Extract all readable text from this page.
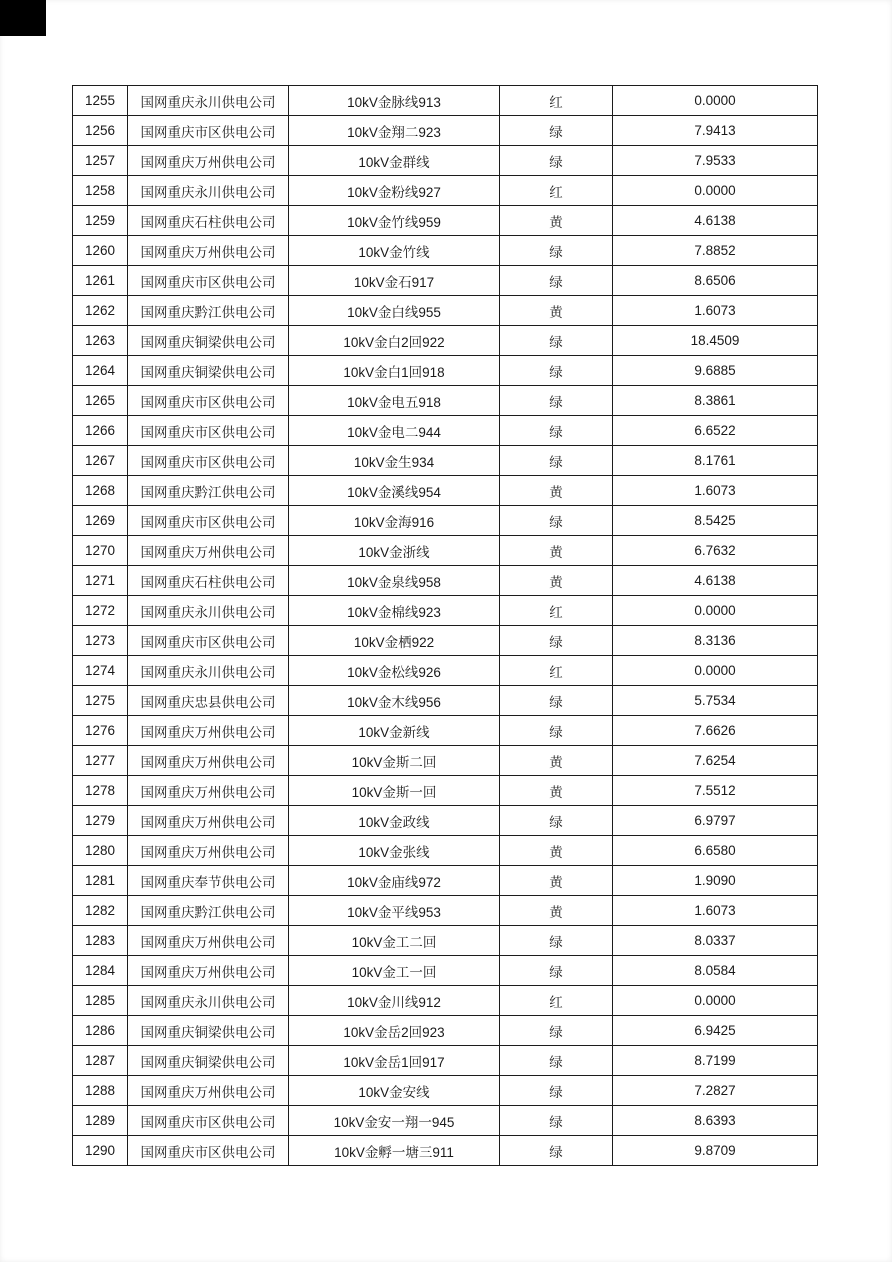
1255	国网重庆永川供电公司	10kV金脉线913	红	0.0000
1256	国网重庆市区供电公司	10kV金翔二923	绿	7.9413
1257	国网重庆万州供电公司	10kV金群线	绿	7.9533
1258	国网重庆永川供电公司	10kV金粉线927	红	0.0000
1259	国网重庆石柱供电公司	10kV金竹线959	黄	4.6138
1260	国网重庆万州供电公司	10kV金竹线	绿	7.8852
1261	国网重庆市区供电公司	10kV金石917	绿	8.6506
1262	国网重庆黔江供电公司	10kV金白线955	黄	1.6073
1263	国网重庆铜梁供电公司	10kV金白2回922	绿	18.4509
1264	国网重庆铜梁供电公司	10kV金白1回918	绿	9.6885
1265	国网重庆市区供电公司	10kV金电五918	绿	8.3861
1266	国网重庆市区供电公司	10kV金电二944	绿	6.6522
1267	国网重庆市区供电公司	10kV金生934	绿	8.1761
1268	国网重庆黔江供电公司	10kV金溪线954	黄	1.6073
1269	国网重庆市区供电公司	10kV金海916	绿	8.5425
1270	国网重庆万州供电公司	10kV金浙线	黄	6.7632
1271	国网重庆石柱供电公司	10kV金泉线958	黄	4.6138
1272	国网重庆永川供电公司	10kV金棉线923	红	0.0000
1273	国网重庆市区供电公司	10kV金栖922	绿	8.3136
1274	国网重庆永川供电公司	10kV金松线926	红	0.0000
1275	国网重庆忠县供电公司	10kV金木线956	绿	5.7534
1276	国网重庆万州供电公司	10kV金新线	绿	7.6626
1277	国网重庆万州供电公司	10kV金斯二回	黄	7.6254
1278	国网重庆万州供电公司	10kV金斯一回	黄	7.5512
1279	国网重庆万州供电公司	10kV金政线	绿	6.9797
1280	国网重庆万州供电公司	10kV金张线	黄	6.6580
1281	国网重庆奉节供电公司	10kV金庙线972	黄	1.9090
1282	国网重庆黔江供电公司	10kV金平线953	黄	1.6073
1283	国网重庆万州供电公司	10kV金工二回	绿	8.0337
1284	国网重庆万州供电公司	10kV金工一回	绿	8.0584
1285	国网重庆永川供电公司	10kV金川线912	红	0.0000
1286	国网重庆铜梁供电公司	10kV金岳2回923	绿	6.9425
1287	国网重庆铜梁供电公司	10kV金岳1回917	绿	8.7199
1288	国网重庆万州供电公司	10kV金安线	绿	7.2827
1289	国网重庆市区供电公司	10kV金安一翔一945	绿	8.6393
1290	国网重庆市区供电公司	10kV金孵一塘三911	绿	9.8709
